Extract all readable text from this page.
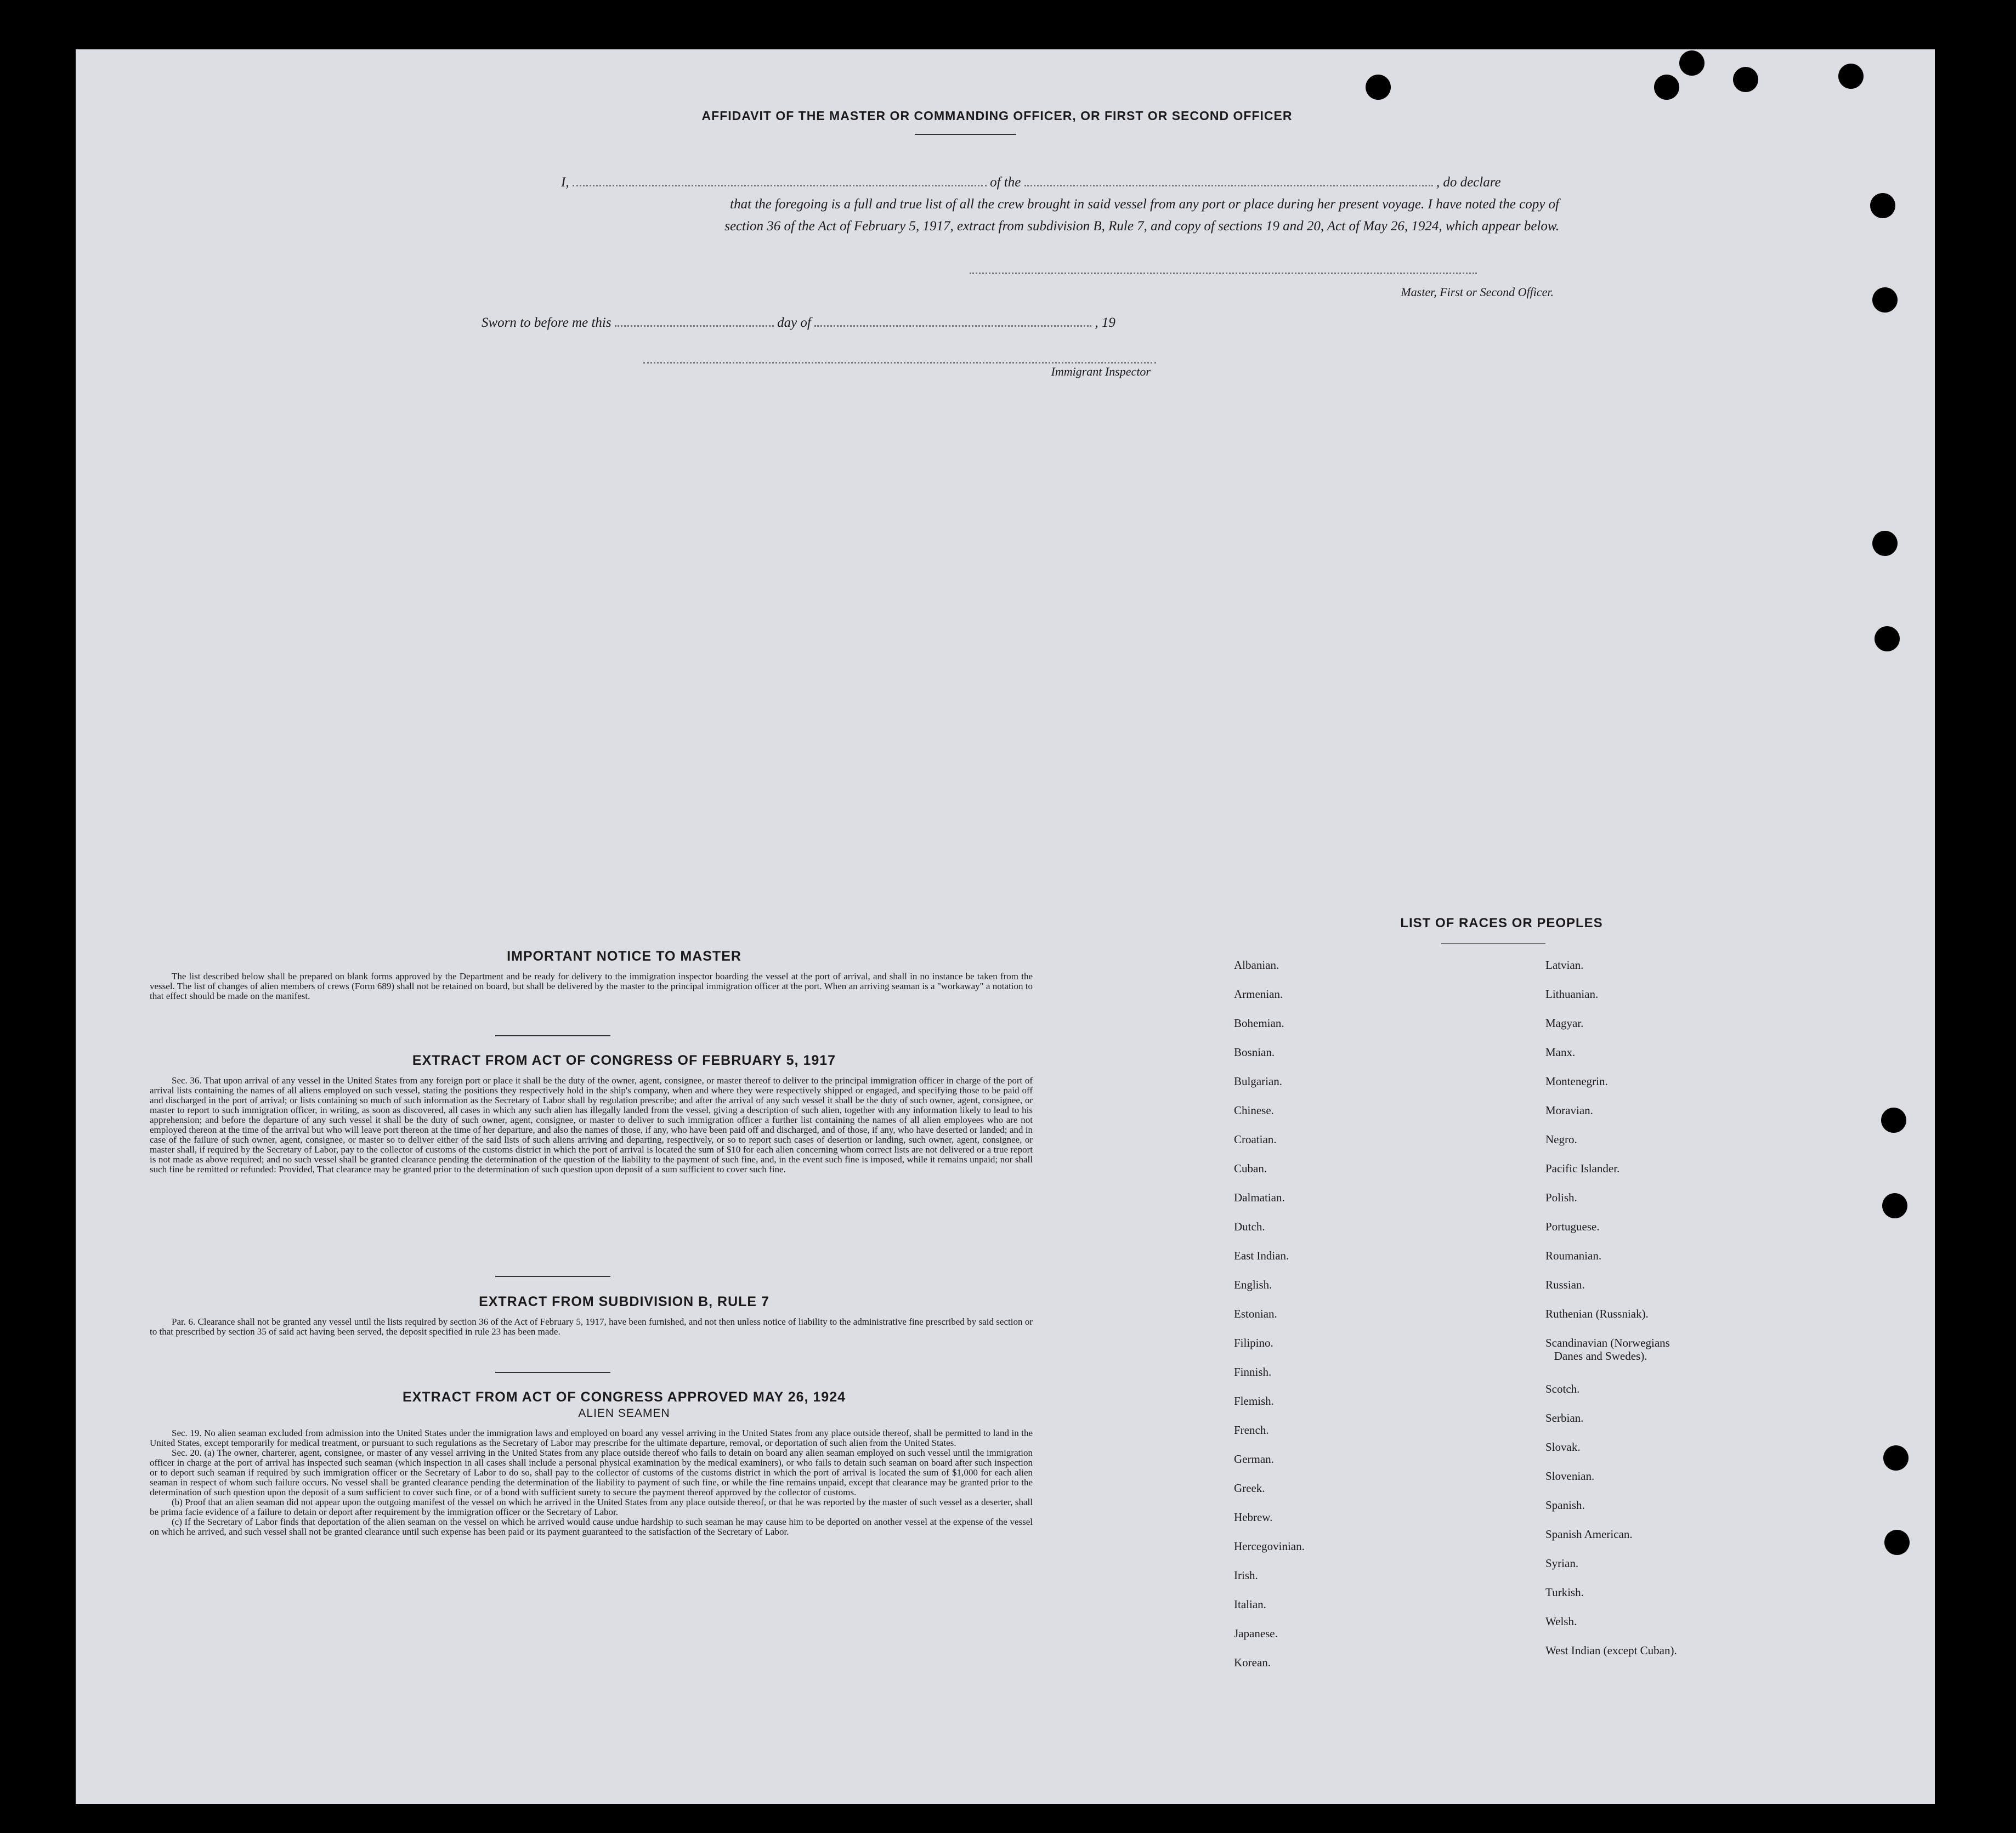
AFFIDAVIT OF THE MASTER OR COMMANDING OFFICER, OR FIRST OR SECOND OFFICER
I,	of the	, do declare
that the foregoing is a full and true list of all the crew brought in said vessel from any port or place during her present voyage. I have noted the copy of
section 36 of the Act of February 5, 1917, extract from subdivision B, Rule 7, and copy of sections 19 and 20, Act of May 26, 1924, which appear below.
Master, First or Second Officer.
Sworn to before me this	day of	, 19
Immigrant Inspector
IMPORTANT NOTICE TO MASTER

The list described below shall be prepared on blank forms approved by the Department and be ready for delivery to the immigration inspector boarding the vessel at the port of arrival, and shall in no instance be taken from the vessel. The list of changes of alien members of crews (Form 689) shall not be retained on board, but shall be delivered by the master to the principal immigration officer at the port. When an arriving seaman is a "workaway" a notation to that effect should be made on the manifest.

EXTRACT FROM ACT OF CONGRESS OF FEBRUARY 5, 1917

Sec. 36. That upon arrival of any vessel in the United States from any foreign port or place it shall be the duty of the owner, agent, consignee, or master thereof to deliver to the principal immigration officer in charge of the port of arrival lists containing the names of all aliens employed on such vessel, stating the positions they respectively hold in the ship's company, when and where they were respectively shipped or engaged, and specifying those to be paid off and discharged in the port of arrival; or lists containing so much of such information as the Secretary of Labor shall by regulation prescribe; and after the arrival of any such vessel it shall be the duty of such owner, agent, consignee, or master to report to such immigration officer, in writing, as soon as discovered, all cases in which any such alien has illegally landed from the vessel, giving a description of such alien, together with any information likely to lead to his apprehension; and before the departure of any such vessel it shall be the duty of such owner, agent, consignee, or master to deliver to such immigration officer a further list containing the names of all alien employees who are not employed thereon at the time of the arrival but who will leave port thereon at the time of her departure, and also the names of those, if any, who have been paid off and discharged, and of those, if any, who have deserted or landed; and in case of the failure of such owner, agent, consignee, or master so to deliver either of the said lists of such aliens arriving and departing, respectively, or so to report such cases of desertion or landing, such owner, agent, consignee, or master shall, if required by the Secretary of Labor, pay to the collector of customs of the customs district in which the port of arrival is located the sum of $10 for each alien concerning whom correct lists are not delivered or a true report is not made as above required; and no such vessel shall be granted clearance pending the determination of the question of the liability to the payment of such fine, and, in the event such fine is imposed, while it remains unpaid; nor shall such fine be remitted or refunded: Provided, That clearance may be granted prior to the determination of such question upon deposit of a sum sufficient to cover such fine.

EXTRACT FROM SUBDIVISION B, RULE 7

Par. 6. Clearance shall not be granted any vessel until the lists required by section 36 of the Act of February 5, 1917, have been furnished, and not then unless notice of liability to the administrative fine prescribed by said section or to that prescribed by section 35 of said act having been served, the deposit specified in rule 23 has been made.

EXTRACT FROM ACT OF CONGRESS APPROVED MAY 26, 1924
ALIEN SEAMEN

Sec. 19. No alien seaman excluded from admission into the United States under the immigration laws and employed on board any vessel arriving in the United States from any place outside thereof, shall be permitted to land in the United States, except temporarily for medical treatment, or pursuant to such regulations as the Secretary of Labor may prescribe for the ultimate departure, removal, or deportation of such alien from the United States.

Sec. 20. (a) The owner, charterer, agent, consignee, or master of any vessel arriving in the United States from any place outside thereof who fails to detain on board any alien seaman employed on such vessel until the immigration officer in charge at the port of arrival has inspected such seaman (which inspection in all cases shall include a personal physical examination by the medical examiners), or who fails to detain such seaman on board after such inspection or to deport such seaman if required by such immigration officer or the Secretary of Labor to do so, shall pay to the collector of customs of the customs district in which the port of arrival is located the sum of $1,000 for each alien seaman in respect of whom such failure occurs. No vessel shall be granted clearance pending the determination of the liability to payment of such fine, or while the fine remains unpaid, except that clearance may be granted prior to the determination of such question upon the deposit of a sum sufficient to cover such fine, or of a bond with sufficient surety to secure the payment thereof approved by the collector of customs.

(b) Proof that an alien seaman did not appear upon the outgoing manifest of the vessel on which he arrived in the United States from any place outside thereof, or that he was reported by the master of such vessel as a deserter, shall be prima facie evidence of a failure to detain or deport after requirement by the immigration officer or the Secretary of Labor.

(c) If the Secretary of Labor finds that deportation of the alien seaman on the vessel on which he arrived would cause undue hardship to such seaman he may cause him to be deported on another vessel at the expense of the vessel on which he arrived, and such vessel shall not be granted clearance until such expense has been paid or its payment guaranteed to the satisfaction of the Secretary of Labor.

LIST OF RACES OR PEOPLES
Albanian.
Armenian.
Bohemian.
Bosnian.
Bulgarian.
Chinese.
Croatian.
Cuban.
Dalmatian.
Dutch.
East Indian.
English.
Estonian.
Filipino.
Finnish.
Flemish.
French.
German.
Greek.
Hebrew.
Hercegovinian.
Irish.
Italian.
Japanese.
Korean.
Latvian.
Lithuanian.
Magyar.
Manx.
Montenegrin.
Moravian.
Negro.
Pacific Islander.
Polish.
Portuguese.
Roumanian.
Russian.
Ruthenian (Russniak).
Scandinavian (Norwegians
Danes and Swedes).
Scotch.
Serbian.
Slovak.
Slovenian.
Spanish.
Spanish American.
Syrian.
Turkish.
Welsh.
West Indian (except Cuban).
